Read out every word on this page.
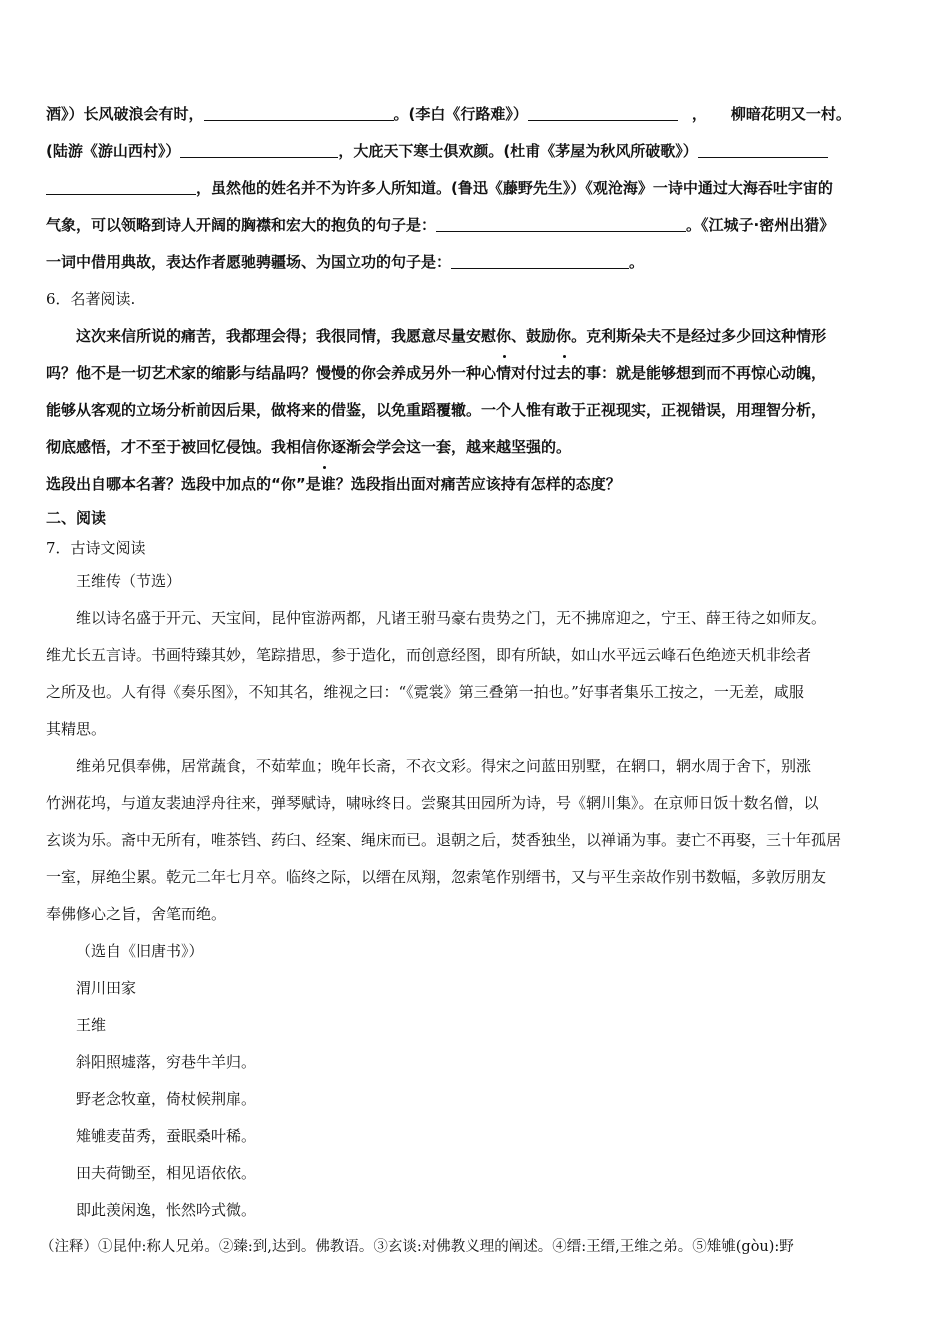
酒》）长风破浪会有时，	。(李白《行路难》）	， 柳暗花明又一村。
(陆游《游山西村》）	，大庇天下寒士俱欢颜。(杜甫《茅屋为秋风所破歌》）
，虽然他的姓名并不为许多人所知道。(鲁迅《藤野先生》）《观沧海》一诗中通过大海吞吐宇宙的
气象，可以领略到诗人开阔的胸襟和宏大的抱负的句子是：	。《江城子·密州出猎》
一词中借用典故，表达作者愿驰骋疆场、为国立功的句子是：	。
6．名著阅读.
这次来信所说的痛苦，我都理会得；我很同情，我愿意尽量安慰你、鼓励你。克利斯朵夫不是经过多少回这种情形
吗？他不是一切艺术家的缩影与结晶吗？慢慢的你会养成另外一种心情对付过去的事：就是能够想到而不再惊心动魄，
能够从客观的立场分析前因后果，做将来的借鉴，以免重蹈覆辙。一个人惟有敢于正视现实，正视错误，用理智分析，
彻底感悟，才不至于被回忆侵蚀。我相信你逐渐会学会这一套，越来越坚强的。
选段出自哪本名著？选段中加点的“你”是谁？选段指出面对痛苦应该持有怎样的态度？
二、阅读
7．古诗文阅读
王维传（节选）
维以诗名盛于开元、天宝间，昆仲宦游两都，凡诸王驸马豪右贵势之门，无不拂席迎之，宁王、薛王待之如师友。
维尤长五言诗。书画特臻其妙，笔踪措思，参于造化，而创意经图，即有所缺，如山水平远云峰石色绝迹天机非绘者
之所及也。人有得《奏乐图》，不知其名，维视之曰：“《霓裳》第三叠第一拍也。”好事者集乐工按之，一无差，咸服
其精思。
维弟兄俱奉佛，居常蔬食，不茹荤血；晚年长斋，不衣文彩。得宋之问蓝田别墅，在辋口，辋水周于舍下，别涨
竹洲花坞，与道友裴迪浮舟往来，弹琴赋诗，啸咏终日。尝聚其田园所为诗，号《辋川集》。在京师日饭十数名僧，以
玄谈为乐。斋中无所有，唯茶铛、药臼、经案、绳床而已。退朝之后，焚香独坐，以禅诵为事。妻亡不再娶，三十年孤居
一室，屏绝尘累。乾元二年七月卒。临终之际，以缙在凤翔，忽索笔作别缙书，又与平生亲故作别书数幅，多敦厉朋友
奉佛修心之旨，舍笔而绝。
（选自《旧唐书》）
渭川田家
王维
斜阳照墟落，穷巷牛羊归。
野老念牧童，倚杖候荆扉。
雉雊麦苗秀，蚕眠桑叶稀。
田夫荷锄至，相见语依依。
即此羡闲逸，怅然吟式微。
（注释）①昆仲:称人兄弟。②臻:到,达到。佛教语。③玄谈:对佛教义理的阐述。④缙:王缙,王维之弟。⑤雉雊(gòu):野
